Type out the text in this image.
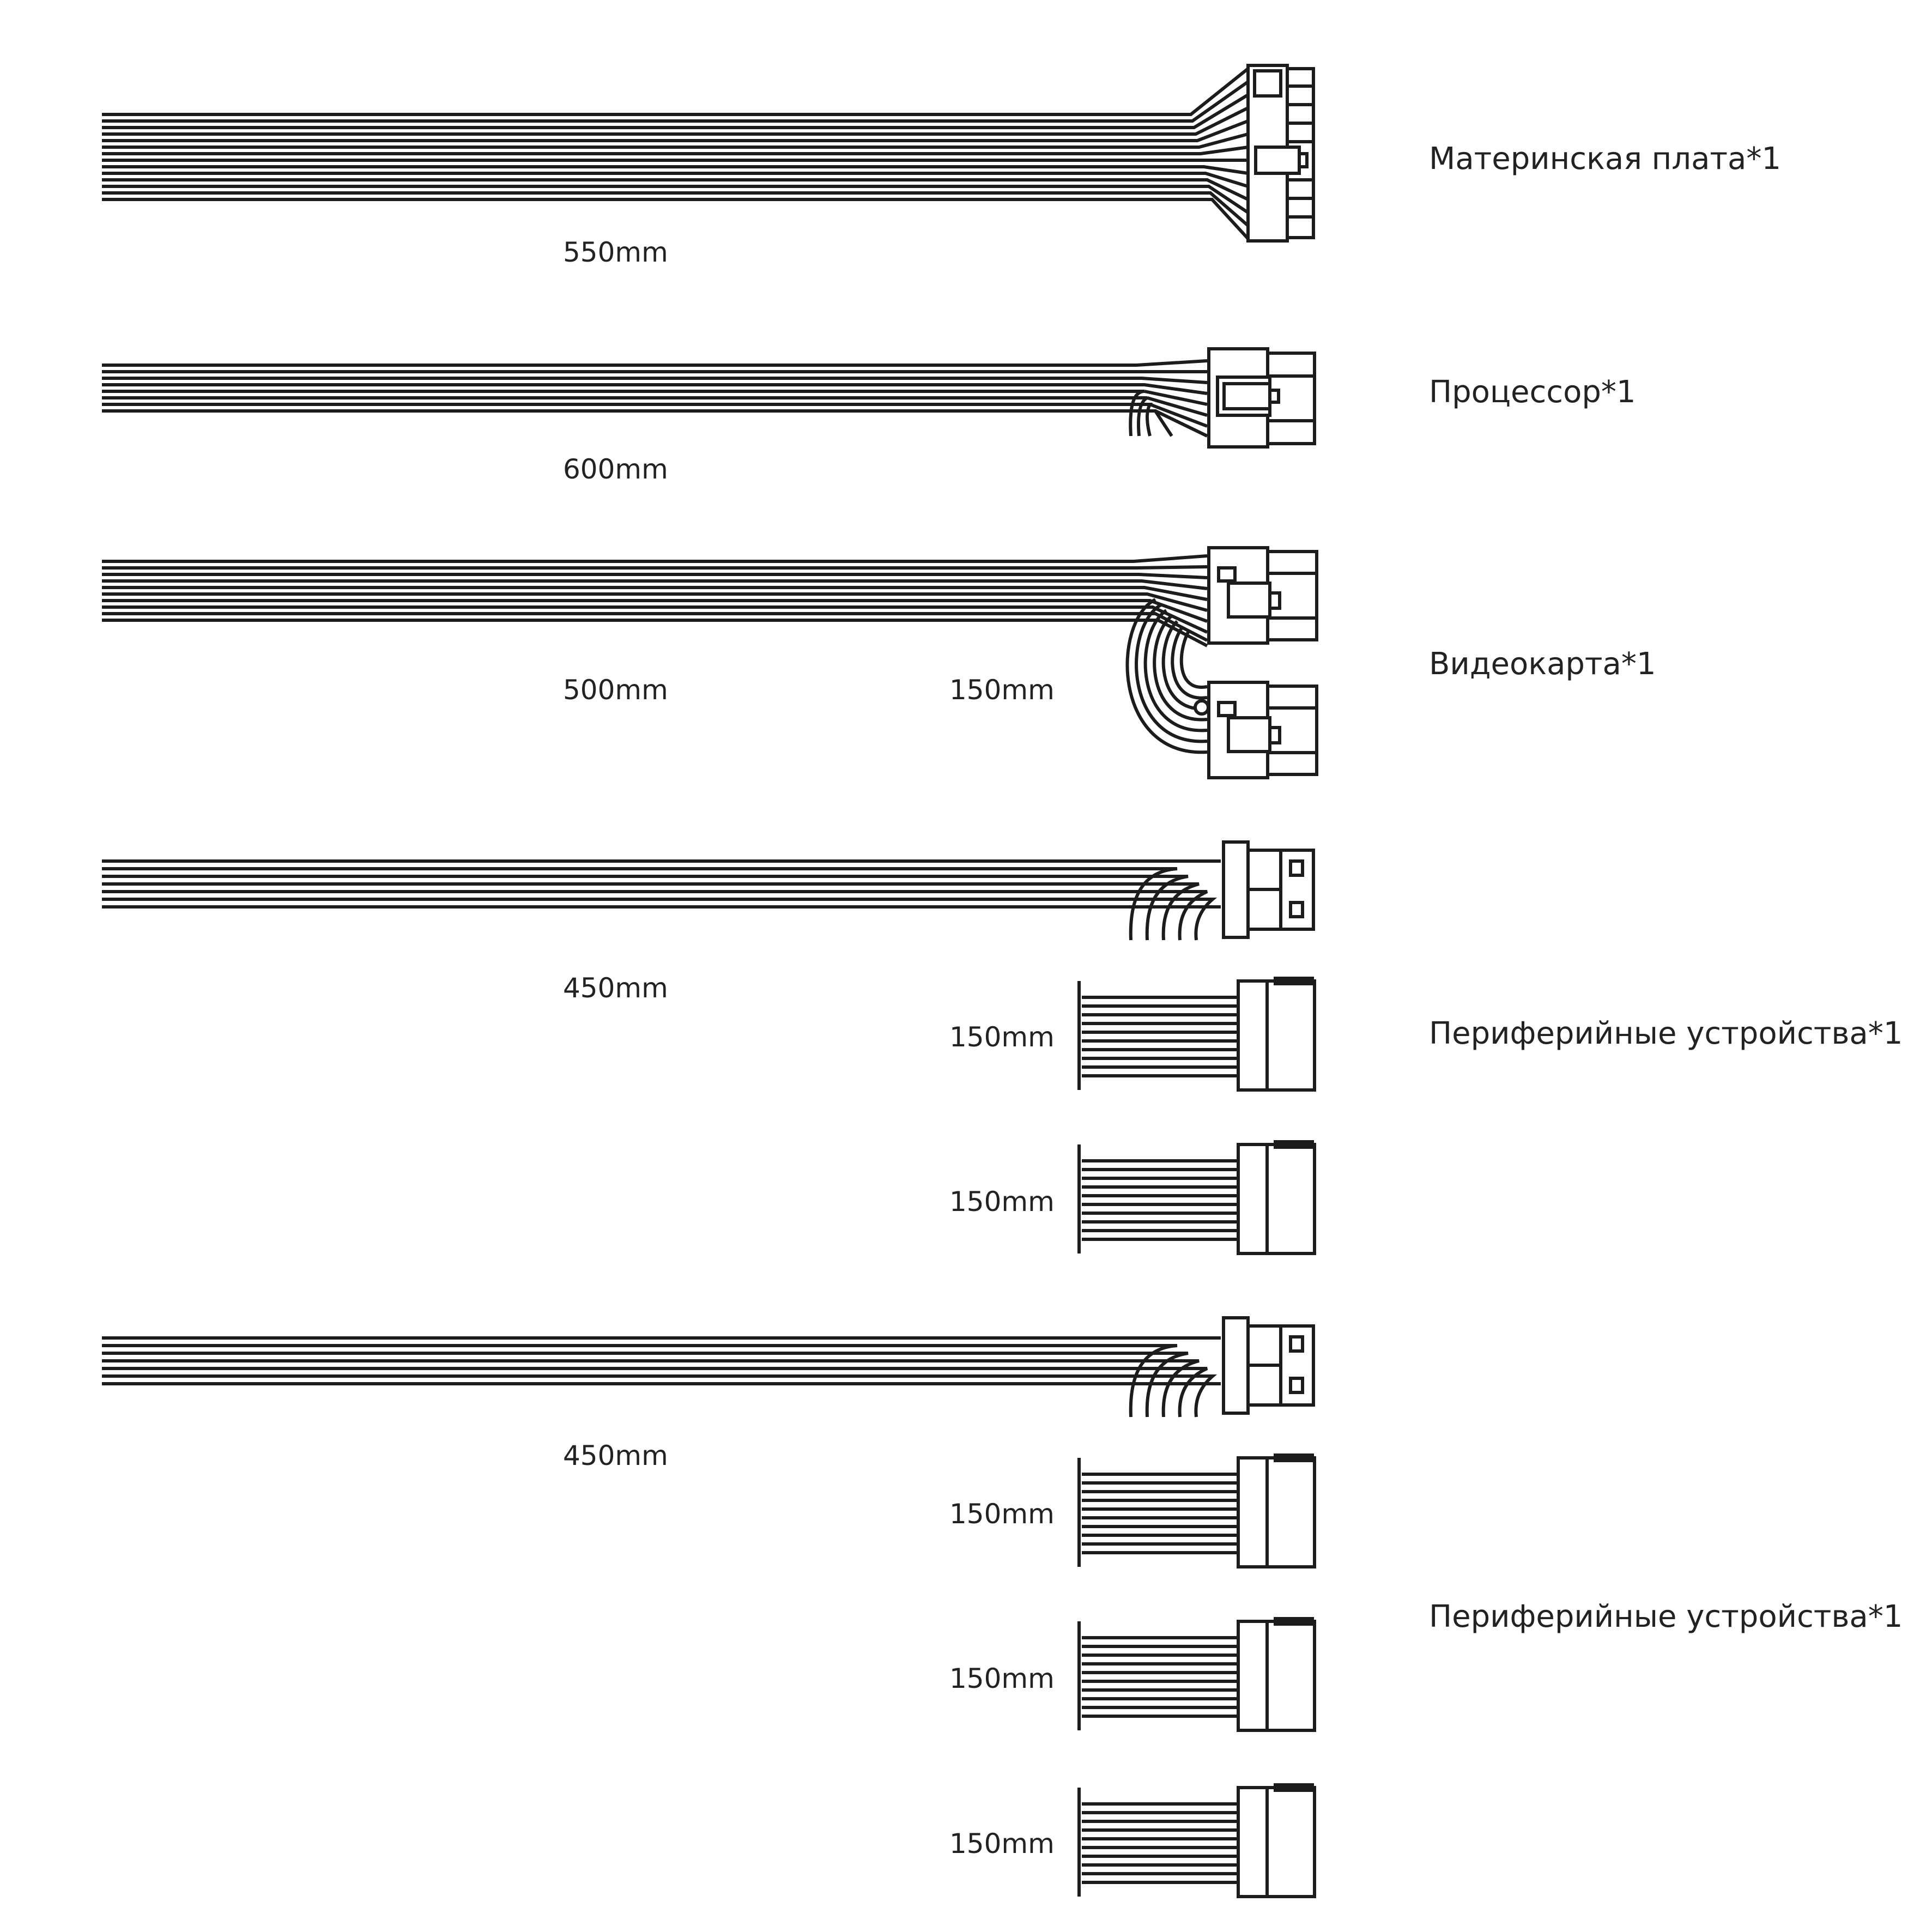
550mm
Материнская плата*1
600mm
Процессор*1
500mm	150mm
Видеокарта*1
450mm
150mm
150mm
Периферийные устройства*1
450mm
150mm
150mm
150mm
Периферийные устройства*1
